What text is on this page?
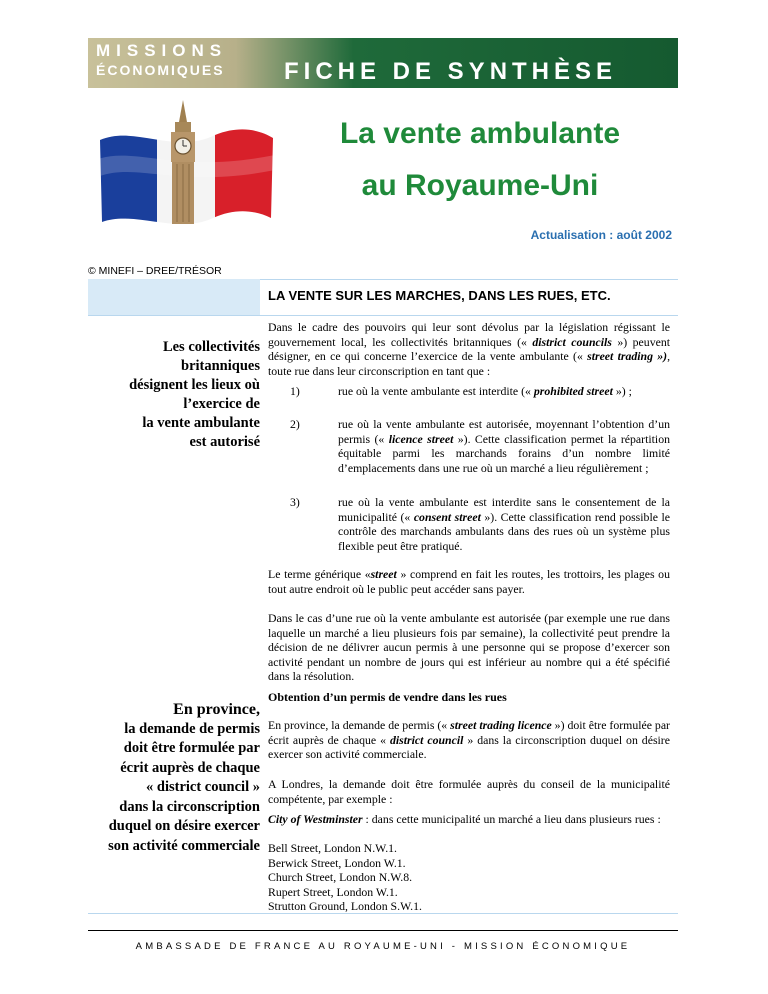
MISSIONS
ÉCONOMIQUES FICHE DE SYNTHÈSE
La vente ambulante
au Royaume-Uni
Actualisation : août 2002
© MINEFI – DREE/TRÉSOR
LA VENTE SUR LES MARCHES, DANS LES RUES, ETC.
Les collectivités
britanniques
désignent les lieux où
l’exercice de
la vente ambulante
est autorisé

Dans le cadre des pouvoirs qui leur sont dévolus par la législation régissant le gouvernement local, les collectivités britanniques (« district councils ») peuvent désigner, en ce qui concerne l’exercice de la vente ambulante (« street trading »), toute rue dans leur circonscription en tant que :

1)	rue où la vente ambulante est interdite (« prohibited street ») ;
2)	rue où la vente ambulante est autorisée, moyennant l’obtention d’un permis (« licence street »). Cette classification permet la répartition équitable parmi les marchands forains d’un nombre limité d’emplacements dans une rue où un marché a lieu régulièrement ;
3)	rue où la vente ambulante est interdite sans le consentement de la municipalité (« consent street »). Cette classification rend possible le contrôle des marchands ambulants dans des rues où un système plus flexible peut être pratiqué.

Le terme générique «street » comprend en fait les routes, les trottoirs, les plages ou tout autre endroit où le public peut accéder sans payer.

Dans le cas d’une rue où la vente ambulante est autorisée (par exemple une rue dans laquelle un marché a lieu plusieurs fois par semaine), la collectivité peut prendre la décision de ne délivrer aucun permis à une personne qui se propose d’exercer son activité pendant un nombre de jours qui est inférieur au nombre qui a été spécifié dans la résolution.

Obtention d’un permis de vendre dans les rues
En province,
la demande de permis
doit être formulée par
écrit auprès de chaque
« district council »
dans la circonscription
duquel on désire exercer
son activité commerciale

En province, la demande de permis (« street trading licence ») doit être formulée par écrit auprès de chaque « district council » dans la circonscription duquel on désire exercer son activité commerciale.

A Londres, la demande doit être formulée auprès du conseil de la municipalité compétente, par exemple :

City of Westminster : dans cette municipalité un marché a lieu dans plusieurs rues :

Bell Street, London N.W.1.
Berwick Street, London W.1.
Church Street, London N.W.8.
Rupert Street, London W.1.
Strutton Ground, London S.W.1.
AMBASSADE DE FRANCE AU ROYAUME-UNI - MISSION ÉCONOMIQUE
